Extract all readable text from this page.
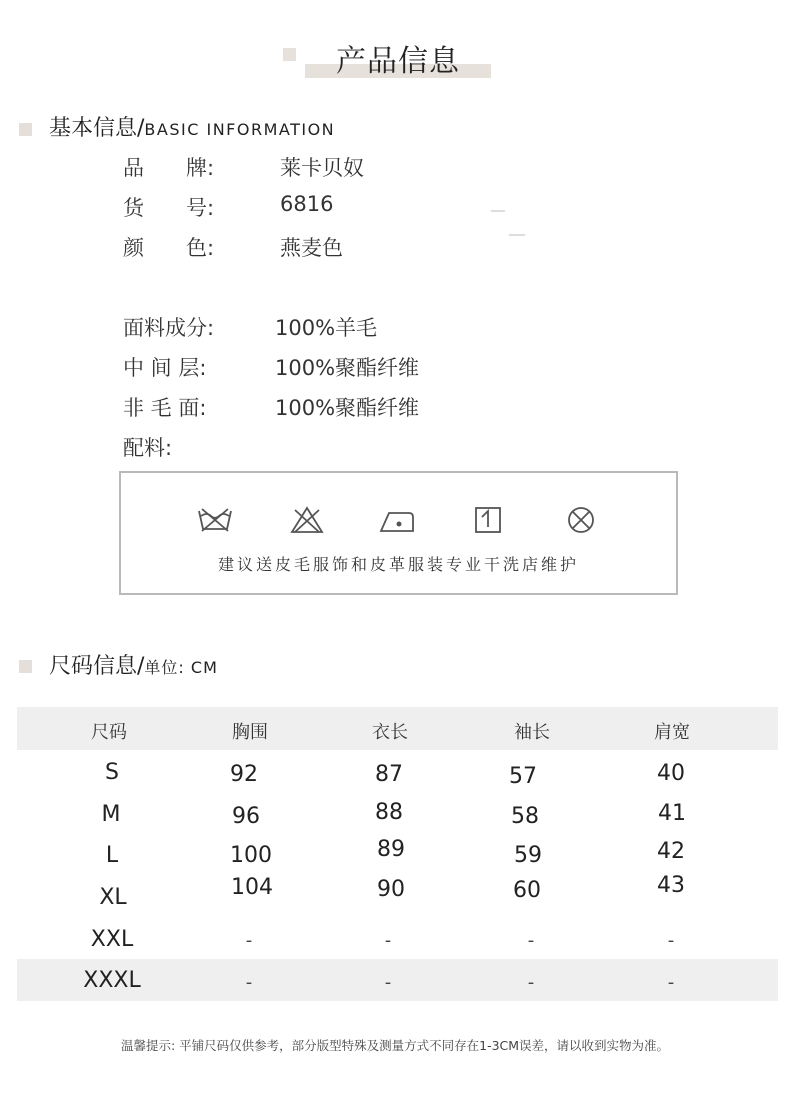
产品信息
基本信息/BASIC INFORMATION
品　　牌:	莱卡贝奴
货　　号:	6816
颜　　色:	燕麦色
面料成分:	100%羊毛
中 间 层:	100%聚酯纤维
非 毛 面:	100%聚酯纤维
配料:
建议送皮毛服饰和皮革服装专业干洗店维护
尺码信息/单位: CM
尺码	胸围	衣长	袖长	肩宽
S	92	87	57	40
M	96	88	58	41
L	100	89	59	42
XL	104	90	60	43
XXL	-	-	-	-
XXXL	-	-	-	-
温馨提示: 平铺尺码仅供参考，部分版型特殊及测量方式不同存在1-3CM误差，请以收到实物为准。
